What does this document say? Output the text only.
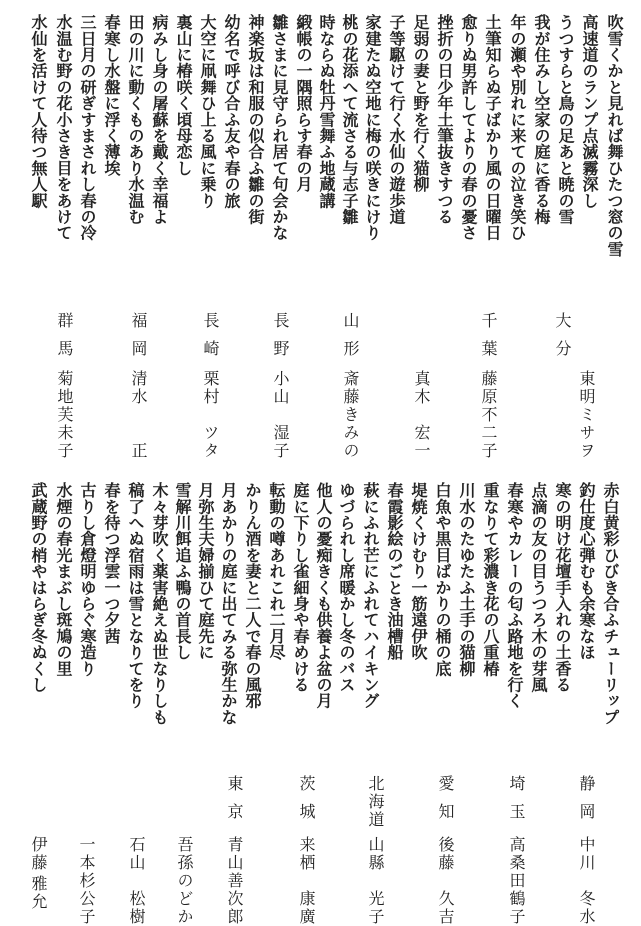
吹雪くかと見れば舞ひたつ窓の雪
高速道のランプ点滅霧深し
うつすらと鳥の足あと暁の雪
我が住みし空家の庭に香る梅
年の瀬や別れに来ての泣き笑ひ
土筆知らぬ子ばかり風の日曜日
愈りぬ男許してよりの春の憂さ
挫折の日少年土筆抜きすつる
足弱の妻と野を行く猫柳
子等駆けて行く水仙の遊歩道
家建たぬ空地に梅の咲きにけり
桃の花添へて流さる与志子雛
時ならぬ牡丹雪舞ふ地蔵講
緞帳の一隅照らす春の月
雛さまに見守られ居て句会かな
神楽坂は和服の似合ふ雛の街
幼名で呼び合ふ友や春の旅
大空に凧舞ひ上る風に乗り
裏山に椿咲く頃母恋し
病みし身の屠蘇を戴く幸福よ
田の川に動くものあり水温む
春寒し水盤に浮く薄埃
三日月の研ぎすまされし春の冷
水温む野の花小さき目をあけて
水仙を活けて人待つ無人駅
大分
東明ミサヲ
千葉
藤原不二子
真木　宏一
山形
斎藤きみの
長野
小山　湿子
長崎
栗村　ツタ
福岡
清水　　正
群馬
菊地芙未子
赤白黄彩ひびき合ふチューリップ
釣仕度心弾むも余寒なほ
寒の明け花壇手入れの土香る
点滴の友の目うつろ木の芽風
春寒やカレーの匂ふ路地を行く
重なりて彩濃き花の八重椿
川水のたゆたふ土手の猫柳
白魚や黒目ばかりの桶の底
堤焼くけむり一筋遠伊吹
春霞影絵のごとき油槽船
萩にふれ芒にふれてハイキング
ゆづられし席暖かし冬のバス
他人の憂痴きくも供養よ盆の月
庭に下りし雀細身や春めける
転動の噂あれこれ二月尽
かりん酒を妻と二人で春の風邪
月あかりの庭に出てみる弥生かな
月弥生夫婦揃ひて庭先に
雪解川餌追ふ鴨の首長し
木々芽吹く薬害絶えぬ世なりしも
稿了へぬ宿雨は雪となりてをり
春を待つ浮雲一つ夕茜
古りし倉燈明ゆらぐ寒造り
水煙の春光まぶし斑鳩の里
武蔵野の梢やはらぎ冬ぬくし
静岡
中川　冬水
埼玉
高桑田鶴子
愛知
後藤　久吉
北海道
山縣　光子
茨城
来栖　康廣
東京
青山善次郎
吾孫のどか
石山　松樹
一本杉公子
伊藤
雅允
